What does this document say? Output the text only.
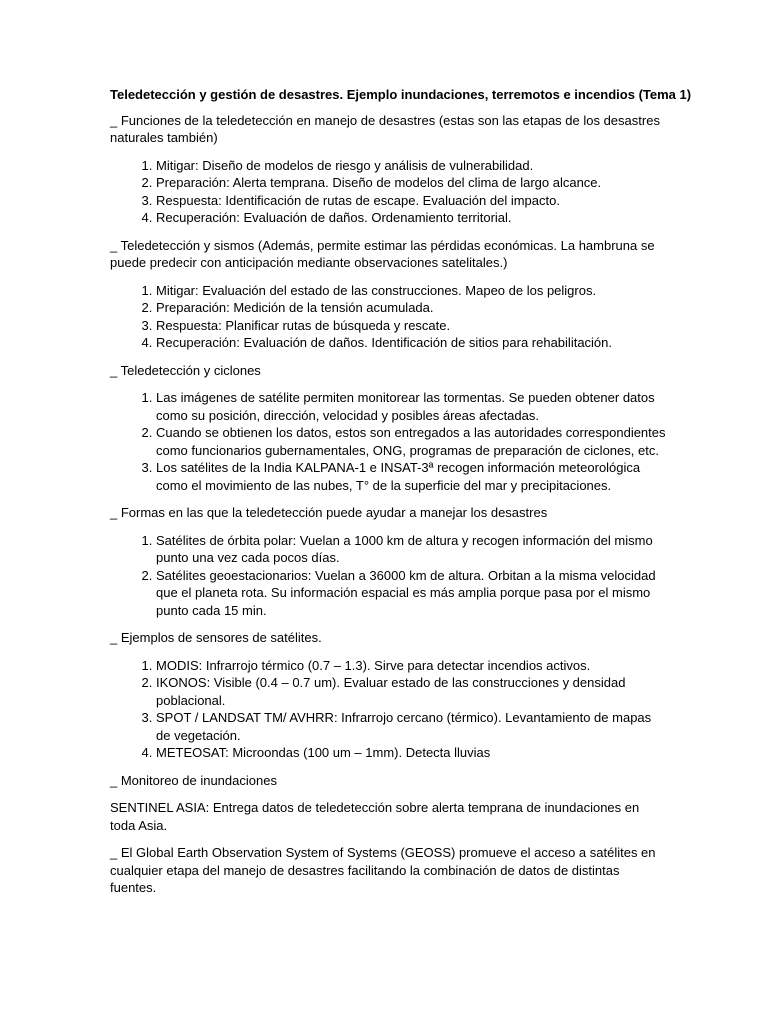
Teledetección y gestión de desastres. Ejemplo inundaciones, terremotos e incendios (Tema 1)

_ Funciones de la teledetección en manejo de desastres (estas son las etapas de los desastres naturales también)

1. Mitigar: Diseño de modelos de riesgo y análisis de vulnerabilidad.
2. Preparación: Alerta temprana. Diseño de modelos del clima de largo alcance.
3. Respuesta: Identificación de rutas de escape. Evaluación del impacto.
4. Recuperación: Evaluación de daños. Ordenamiento territorial.

_ Teledetección y sismos (Además, permite estimar las pérdidas económicas. La hambruna se puede predecir con anticipación mediante observaciones satelitales.)

1. Mitigar: Evaluación del estado de las construcciones. Mapeo de los peligros.
2. Preparación: Medición de la tensión acumulada.
3. Respuesta: Planificar rutas de búsqueda y rescate.
4. Recuperación: Evaluación de daños. Identificación de sitios para rehabilitación.

_ Teledetección y ciclones

1. Las imágenes de satélite permiten monitorear las tormentas. Se pueden obtener datos como su posición, dirección, velocidad y posibles áreas afectadas.
2. Cuando se obtienen los datos, estos son entregados a las autoridades correspondientes como funcionarios gubernamentales, ONG, programas de preparación de ciclones, etc.
3. Los satélites de la India KALPANA-1 e INSAT-3ª recogen información meteorológica como el movimiento de las nubes, T° de la superficie del mar y precipitaciones.

_ Formas en las que la teledetección puede ayudar a manejar los desastres

1. Satélites de órbita polar: Vuelan a 1000 km de altura y recogen información del mismo punto una vez cada pocos días.
2. Satélites geoestacionarios: Vuelan a 36000 km de altura. Orbitan a la misma velocidad que el planeta rota. Su información espacial es más amplia porque pasa por el mismo punto cada 15 min.

_ Ejemplos de sensores de satélites.

1. MODIS: Infrarrojo térmico (0.7 – 1.3). Sirve para detectar incendios activos.
2. IKONOS: Visible (0.4 – 0.7 um). Evaluar estado de las construcciones y densidad poblacional.
3. SPOT / LANDSAT TM/ AVHRR: Infrarrojo cercano (térmico). Levantamiento de mapas de vegetación.
4. METEOSAT: Microondas (100 um – 1mm). Detecta lluvias

_ Monitoreo de inundaciones

SENTINEL ASIA: Entrega datos de teledetección sobre alerta temprana de inundaciones en toda Asia.

_ El Global Earth Observation System of Systems (GEOSS) promueve el acceso a satélites en cualquier etapa del manejo de desastres facilitando la combinación de datos de distintas fuentes.
